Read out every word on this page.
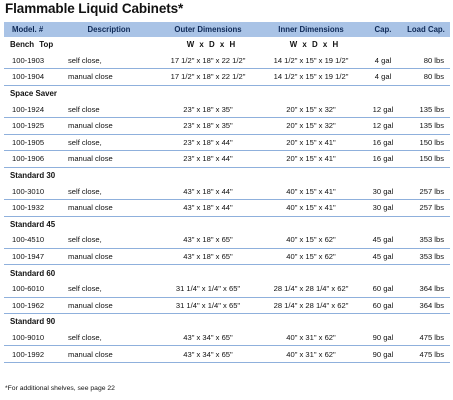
Flammable Liquid Cabinets*
Model. #	Description	Outer Dimensions	Inner Dimensions	Cap.	Load Cap.
Bench Top		W x D x H	W x D x H		
100-1903	self close,	17 1/2" x 18" x 22 1/2"	14 1/2" x 15" x 19 1/2"	4 gal	80 lbs
100-1904	manual close	17 1/2" x 18" x 22 1/2"	14 1/2" x 15" x 19 1/2"	4 gal	80 lbs
Space Saver					
100-1924	self close	23" x 18" x 35"	20" x 15" x 32"	12 gal	135 lbs
100-1925	manual close	23" x 18" x 35"	20" x 15" x 32"	12 gal	135 lbs
100-1905	self close,	23" x 18" x 44"	20" x 15" x 41"	16 gal	150 lbs
100-1906	manual close	23" x 18" x 44"	20" x 15" x 41"	16 gal	150 lbs
Standard 30					
100-3010	self close,	43" x 18" x 44"	40" x 15" x 41"	30 gal	257 lbs
100-1932	manual close	43" x 18" x 44"	40" x 15" x 41"	30 gal	257 lbs
Standard 45					
100-4510	self close,	43" x 18" x 65"	40" x 15" x 62"	45 gal	353 lbs
100-1947	manual close	43" x 18" x 65"	40" x 15" x 62"	45 gal	353 lbs
Standard 60					
100-6010	self close,	31 1/4" x 1/4" x 65"	28 1/4" x 28 1/4" x 62"	60 gal	364 lbs
100-1962	manual close	31 1/4" x 1/4" x 65"	28 1/4" x 28 1/4" x 62"	60 gal	364 lbs
Standard 90					
100-9010	self close,	43" x 34" x 65"	40" x 31" x 62"	90 gal	475 lbs
100-1992	manual close	43" x 34" x 65"	40" x 31" x 62"	90 gal	475 lbs
*For additional shelves, see page 22
